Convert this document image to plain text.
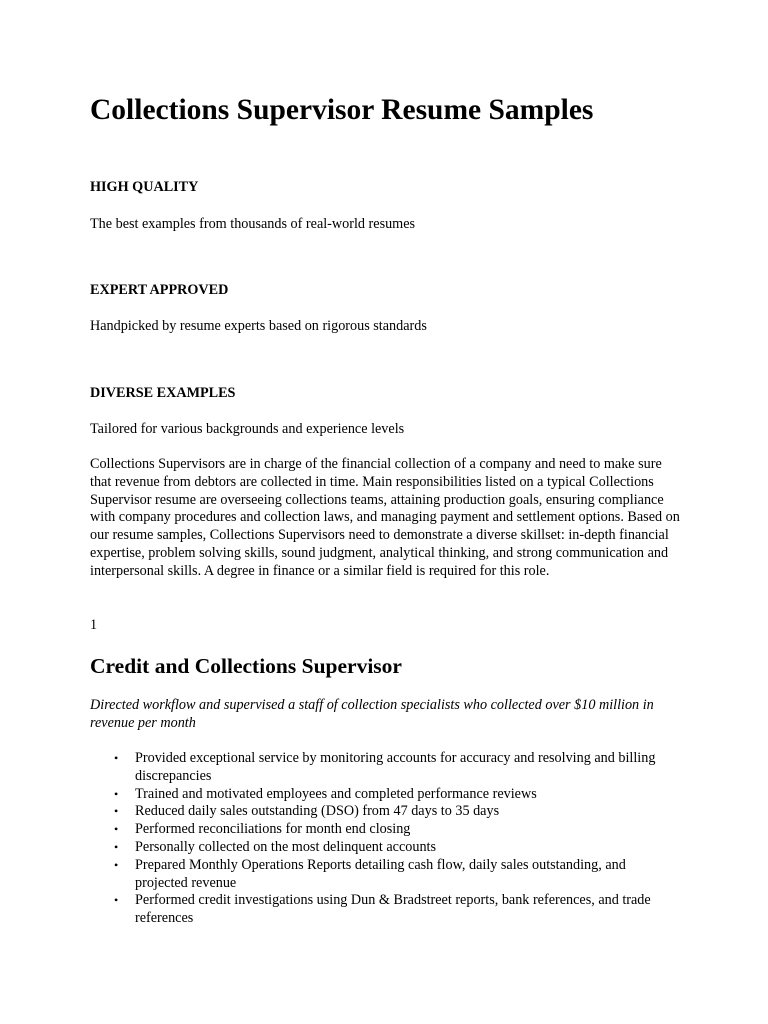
Collections Supervisor Resume Samples
HIGH QUALITY
The best examples from thousands of real-world resumes
EXPERT APPROVED
Handpicked by resume experts based on rigorous standards
DIVERSE EXAMPLES
Tailored for various backgrounds and experience levels

Collections Supervisors are in charge of the financial collection of a company and need to make sure that revenue from debtors are collected in time. Main responsibilities listed on a typical Collections Supervisor resume are overseeing collections teams, attaining production goals, ensuring compliance with company procedures and collection laws, and managing payment and settlement options. Based on our resume samples, Collections Supervisors need to demonstrate a diverse skillset: in-depth financial expertise, problem solving skills, sound judgment, analytical thinking, and strong communication and interpersonal skills. A degree in finance or a similar field is required for this role.

1
Credit and Collections Supervisor

Directed workflow and supervised a staff of collection specialists who collected over $10 million in revenue per month

• Provided exceptional service by monitoring accounts for accuracy and resolving and billing discrepancies
• Trained and motivated employees and completed performance reviews
• Reduced daily sales outstanding (DSO) from 47 days to 35 days
• Performed reconciliations for month end closing
• Personally collected on the most delinquent accounts
• Prepared Monthly Operations Reports detailing cash flow, daily sales outstanding, and projected revenue
• Performed credit investigations using Dun & Bradstreet reports, bank references, and trade references
